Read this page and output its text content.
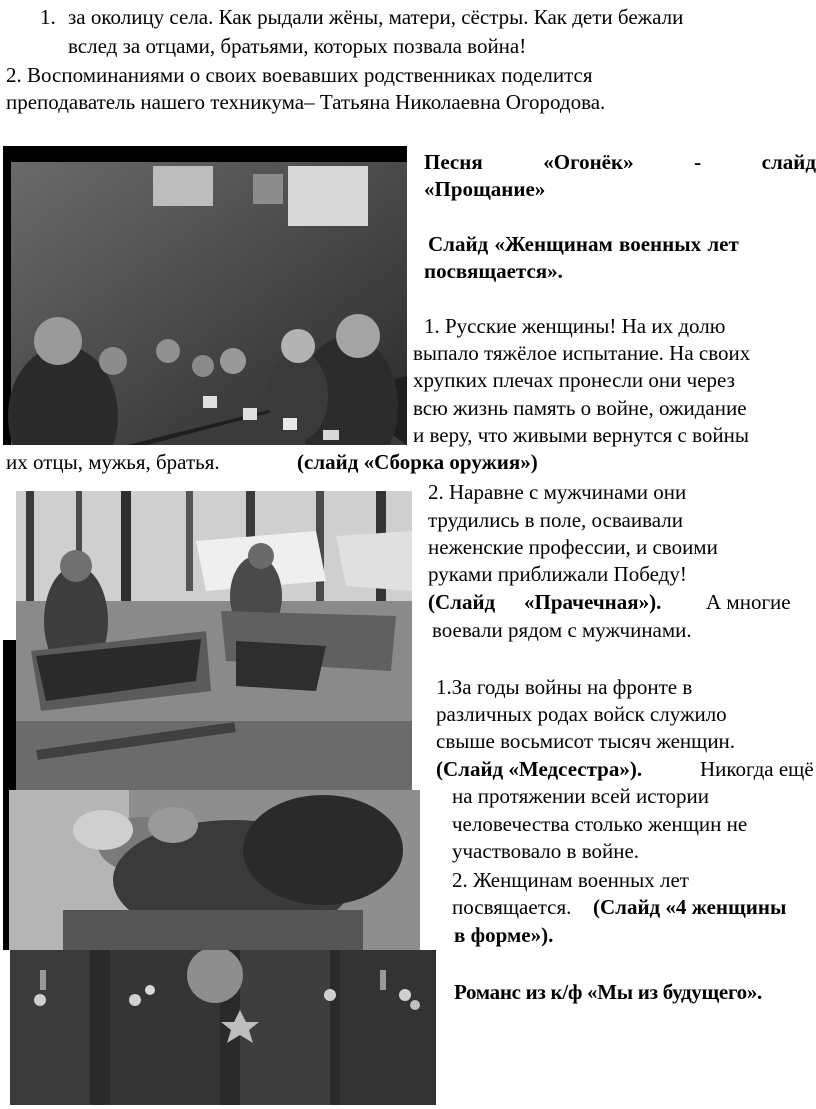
1. за околицу села. Как рыдали жёны, матери, сёстры. Как дети бежали
вслед за отцами, братьями, которых позвала война!
2. Воспоминаниями о своих воевавших родственниках поделится
преподаватель нашего техникума– Татьяна Николаевна Огородова.
Песня	«Огонёк»	-	слайд
«Прощание»
Слайд «Женщинам военных лет
посвящается».
1. Русские женщины! На их долю
выпало тяжёлое испытание. На своих
хрупких плечах пронесли они через
всю жизнь память о войне, ожидание
и веру, что живыми вернутся с войны
их отцы, мужья, братья.	(слайд «Сборка оружия»)
2. Наравне с мужчинами они
трудились в поле, осваивали
неженские профессии, и своими
руками приближали Победу!
(Слайд «Прачечная»). А многие
воевали рядом с мужчинами.
1.За годы войны на фронте в
различных родах войск служило
свыше восьмисот тысяч женщин.
(Слайд «Медсестра»).	Никогда ещё
на протяжении всей истории
человечества столько женщин не
участвовало в войне.
2. Женщинам военных лет
посвящается. (Слайд «4 женщины
в форме»).
Романс из к/ф «Мы из будущего».
